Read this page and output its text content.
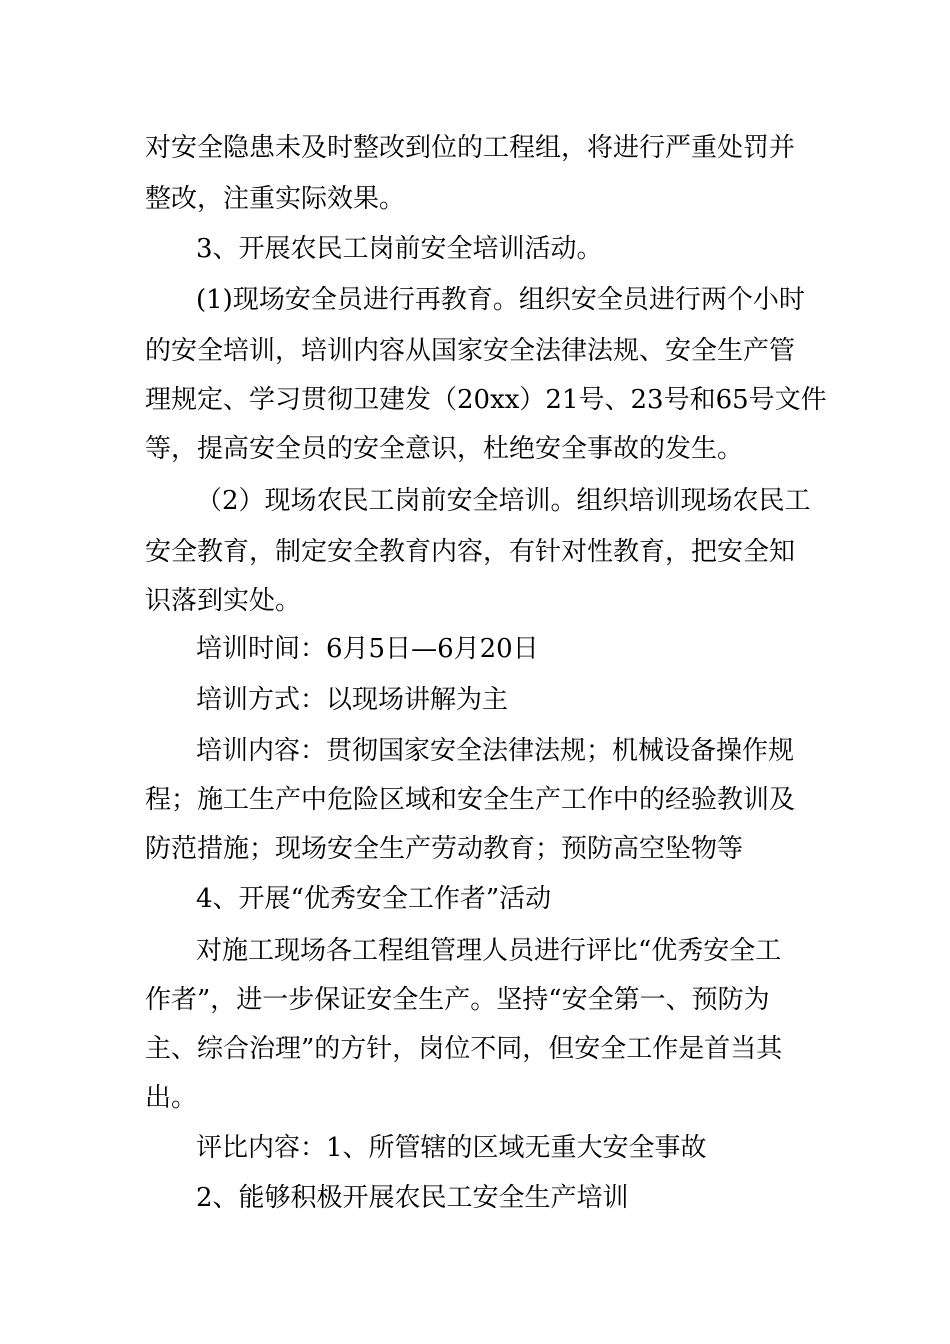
对安全隐患未及时整改到位的工程组，将进行严重处罚并
整改，注重实际效果。
3、开展农民工岗前安全培训活动。
(1)现场安全员进行再教育。组织安全员进行两个小时
的安全培训，培训内容从国家安全法律法规、安全生产管
理规定、学习贯彻卫建发（20xx）21号、23号和65号文件
等，提高安全员的安全意识，杜绝安全事故的发生。
（2）现场农民工岗前安全培训。组织培训现场农民工
安全教育，制定安全教育内容，有针对性教育，把安全知
识落到实处。
培训时间：6月5日—6月20日
培训方式：以现场讲解为主
培训内容：贯彻国家安全法律法规；机械设备操作规
程；施工生产中危险区域和安全生产工作中的经验教训及
防范措施；现场安全生产劳动教育；预防高空坠物等
4、开展“优秀安全工作者”活动
对施工现场各工程组管理人员进行评比“优秀安全工
作者”，进一步保证安全生产。坚持“安全第一、预防为
主、综合治理”的方针，岗位不同，但安全工作是首当其
出。
评比内容：1、所管辖的区域无重大安全事故
2、能够积极开展农民工安全生产培训
